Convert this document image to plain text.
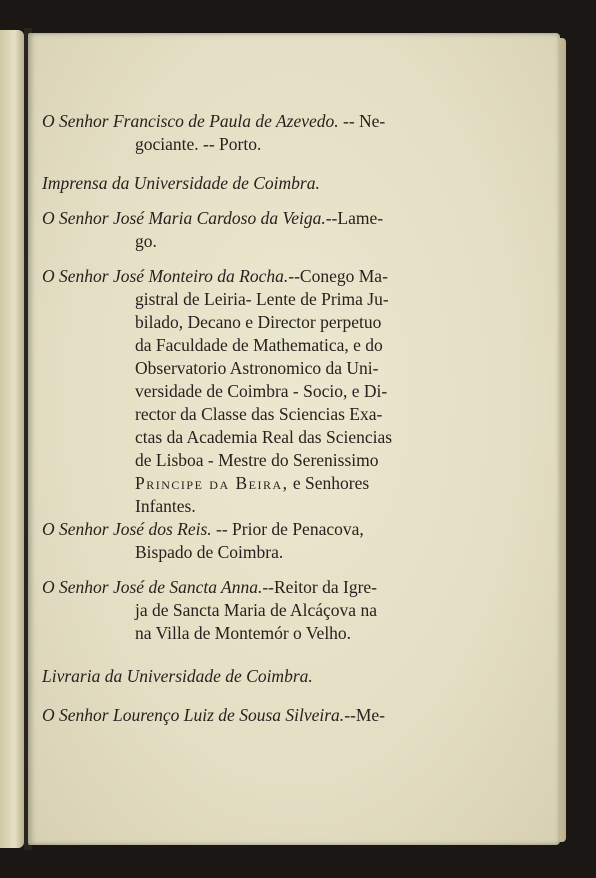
O Senhor Francisco de Paula de Azevedo. -- Ne-
gociante. -- Porto.
Imprensa da Universidade de Coimbra.
O Senhor José Maria Cardoso da Veiga.--Lame-
go.
O Senhor José Monteiro da Rocha.--Conego Ma-
gistral de Leiria- Lente de Prima Ju-
bilado, Decano e Director perpetuo
da Faculdade de Mathematica, e do
Observatorio Astronomico da Uni-
versidade de Coimbra - Socio, e Di-
rector da Classe das Sciencias Exa-
ctas da Academia Real das Sciencias
de Lisboa - Mestre do Serenissimo
Principe da Beira, e Senhores
Infantes.
O Senhor José dos Reis. -- Prior de Penacova,
Bispado de Coimbra.
O Senhor José de Sancta Anna.--Reitor da Igre-
ja de Sancta Maria de Alcáçova na
na Villa de Montemór o Velho.
Livraria da Universidade de Coimbra.
O Senhor Lourenço Luiz de Sousa Silveira.--Me-
